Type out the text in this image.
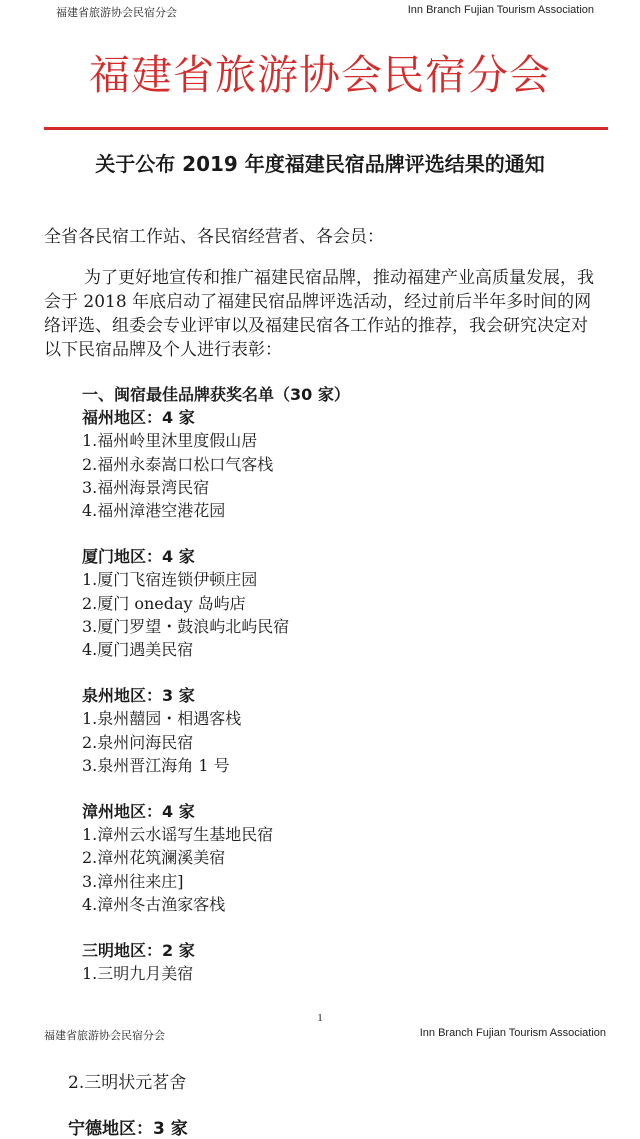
福建省旅游协会民宿分会	Inn Branch Fujian Tourism Association
福建省旅游协会民宿分会
关于公布 2019 年度福建民宿品牌评选结果的通知
全省各民宿工作站、各民宿经营者、各会员：
为了更好地宣传和推广福建民宿品牌，推动福建产业高质量发展，我会于 2018 年底启动了福建民宿品牌评选活动，经过前后半年多时间的网络评选、组委会专业评审以及福建民宿各工作站的推荐，我会研究决定对以下民宿品牌及个人进行表彰：
一、闽宿最佳品牌获奖名单（30 家）
福州地区：4 家
1.福州岭里沐里度假山居
2.福州永泰嵩口松口气客栈
3.福州海景湾民宿
4.福州漳港空港花园
厦门地区：4 家
1.厦门飞宿连锁伊顿庄园
2.厦门 oneday 岛屿店
3.厦门罗望・鼓浪屿北屿民宿
4.厦门遇美民宿
泉州地区：3 家
1.泉州囍园・相遇客栈
2.泉州问海民宿
3.泉州晋江海角 1 号
漳州地区：4 家
1.漳州云水谣写生基地民宿
2.漳州花筑澜溪美宿
3.漳州往来庄]
4.漳州冬古渔家客栈
三明地区：2 家
1.三明九月美宿
1
福建省旅游协会民宿分会	Inn Branch Fujian Tourism Association
2.三明状元茗舍
宁德地区：3 家
